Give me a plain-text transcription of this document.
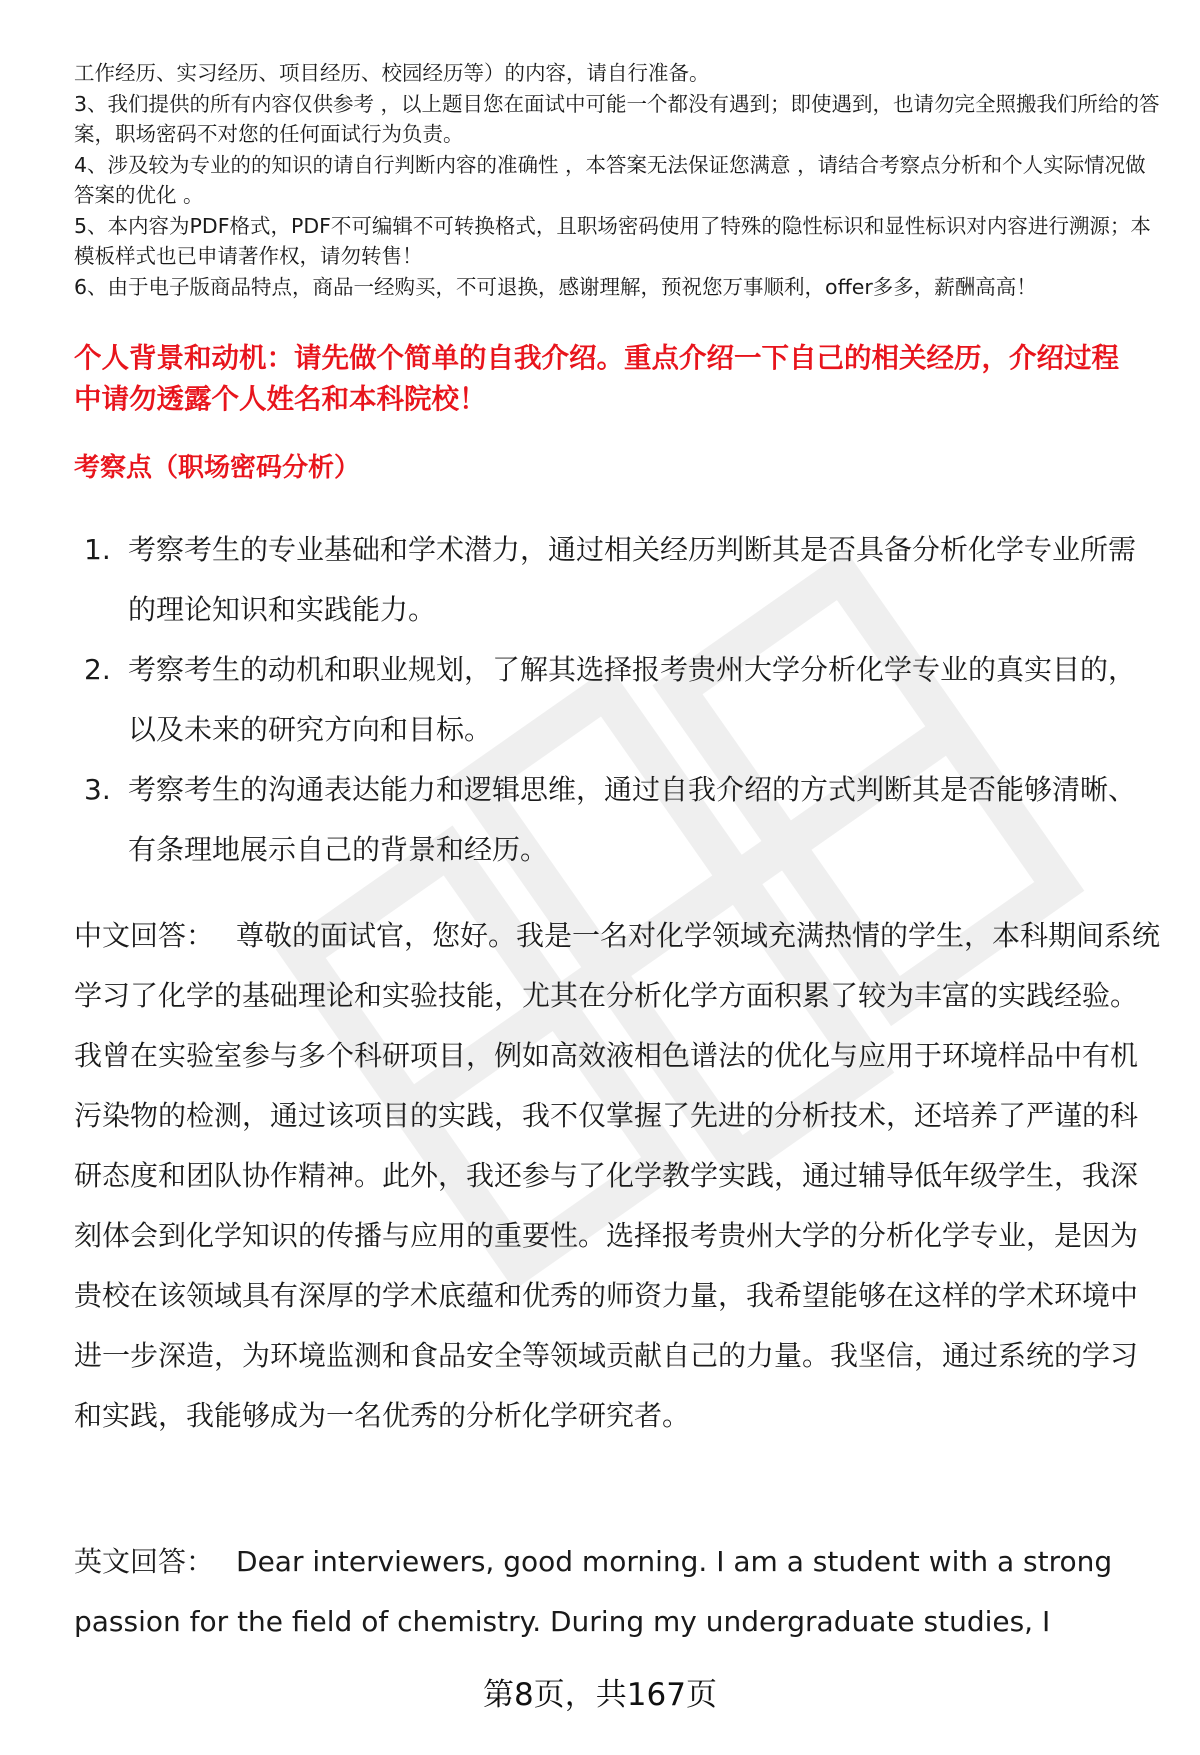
工作经历、实习经历、项目经历、校园经历等）的内容，请自行准备。

3、我们提供的所有内容仅供参考 ，以上题目您在面试中可能一个都没有遇到；即使遇到，也请勿完全照搬我们所给的答案，职场密码不对您的任何面试行为负责。

4、涉及较为专业的的知识的请自行判断内容的准确性 ，本答案无法保证您满意 ，请结合考察点分析和个人实际情况做答案的优化 。

5、本内容为PDF格式，PDF不可编辑不可转换格式，且职场密码使用了特殊的隐性标识和显性标识对内容进行溯源；本模板样式也已申请著作权，请勿转售！

6、由于电子版商品特点，商品一经购买，不可退换，感谢理解，预祝您万事顺利，offer多多，薪酬高高！

个人背景和动机：请先做个简单的自我介绍。重点介绍一下自己的相关经历，介绍过程中请勿透露个人姓名和本科院校！
考察点（职场密码分析）
1. 考察考生的专业基础和学术潜力，通过相关经历判断其是否具备分析化学专业所需的理论知识和实践能力。
2. 考察考生的动机和职业规划，了解其选择报考贵州大学分析化学专业的真实目的，以及未来的研究方向和目标。
3. 考察考生的沟通表达能力和逻辑思维，通过自我介绍的方式判断其是否能够清晰、有条理地展示自己的背景和经历。

中文回答： 尊敬的面试官，您好。我是一名对化学领域充满热情的学生，本科期间系统学习了化学的基础理论和实验技能，尤其在分析化学方面积累了较为丰富的实践经验。我曾在实验室参与多个科研项目，例如高效液相色谱法的优化与应用于环境样品中有机污染物的检测，通过该项目的实践，我不仅掌握了先进的分析技术，还培养了严谨的科研态度和团队协作精神。此外，我还参与了化学教学实践，通过辅导低年级学生，我深刻体会到化学知识的传播与应用的重要性。选择报考贵州大学的分析化学专业，是因为贵校在该领域具有深厚的学术底蕴和优秀的师资力量，我希望能够在这样的学术环境中进一步深造，为环境监测和食品安全等领域贡献自己的力量。我坚信，通过系统的学习和实践，我能够成为一名优秀的分析化学研究者。

英文回答： Dear interviewers, good morning. I am a student with a strong passion for the field of chemistry. During my undergraduate studies, I

第8页，共167页
